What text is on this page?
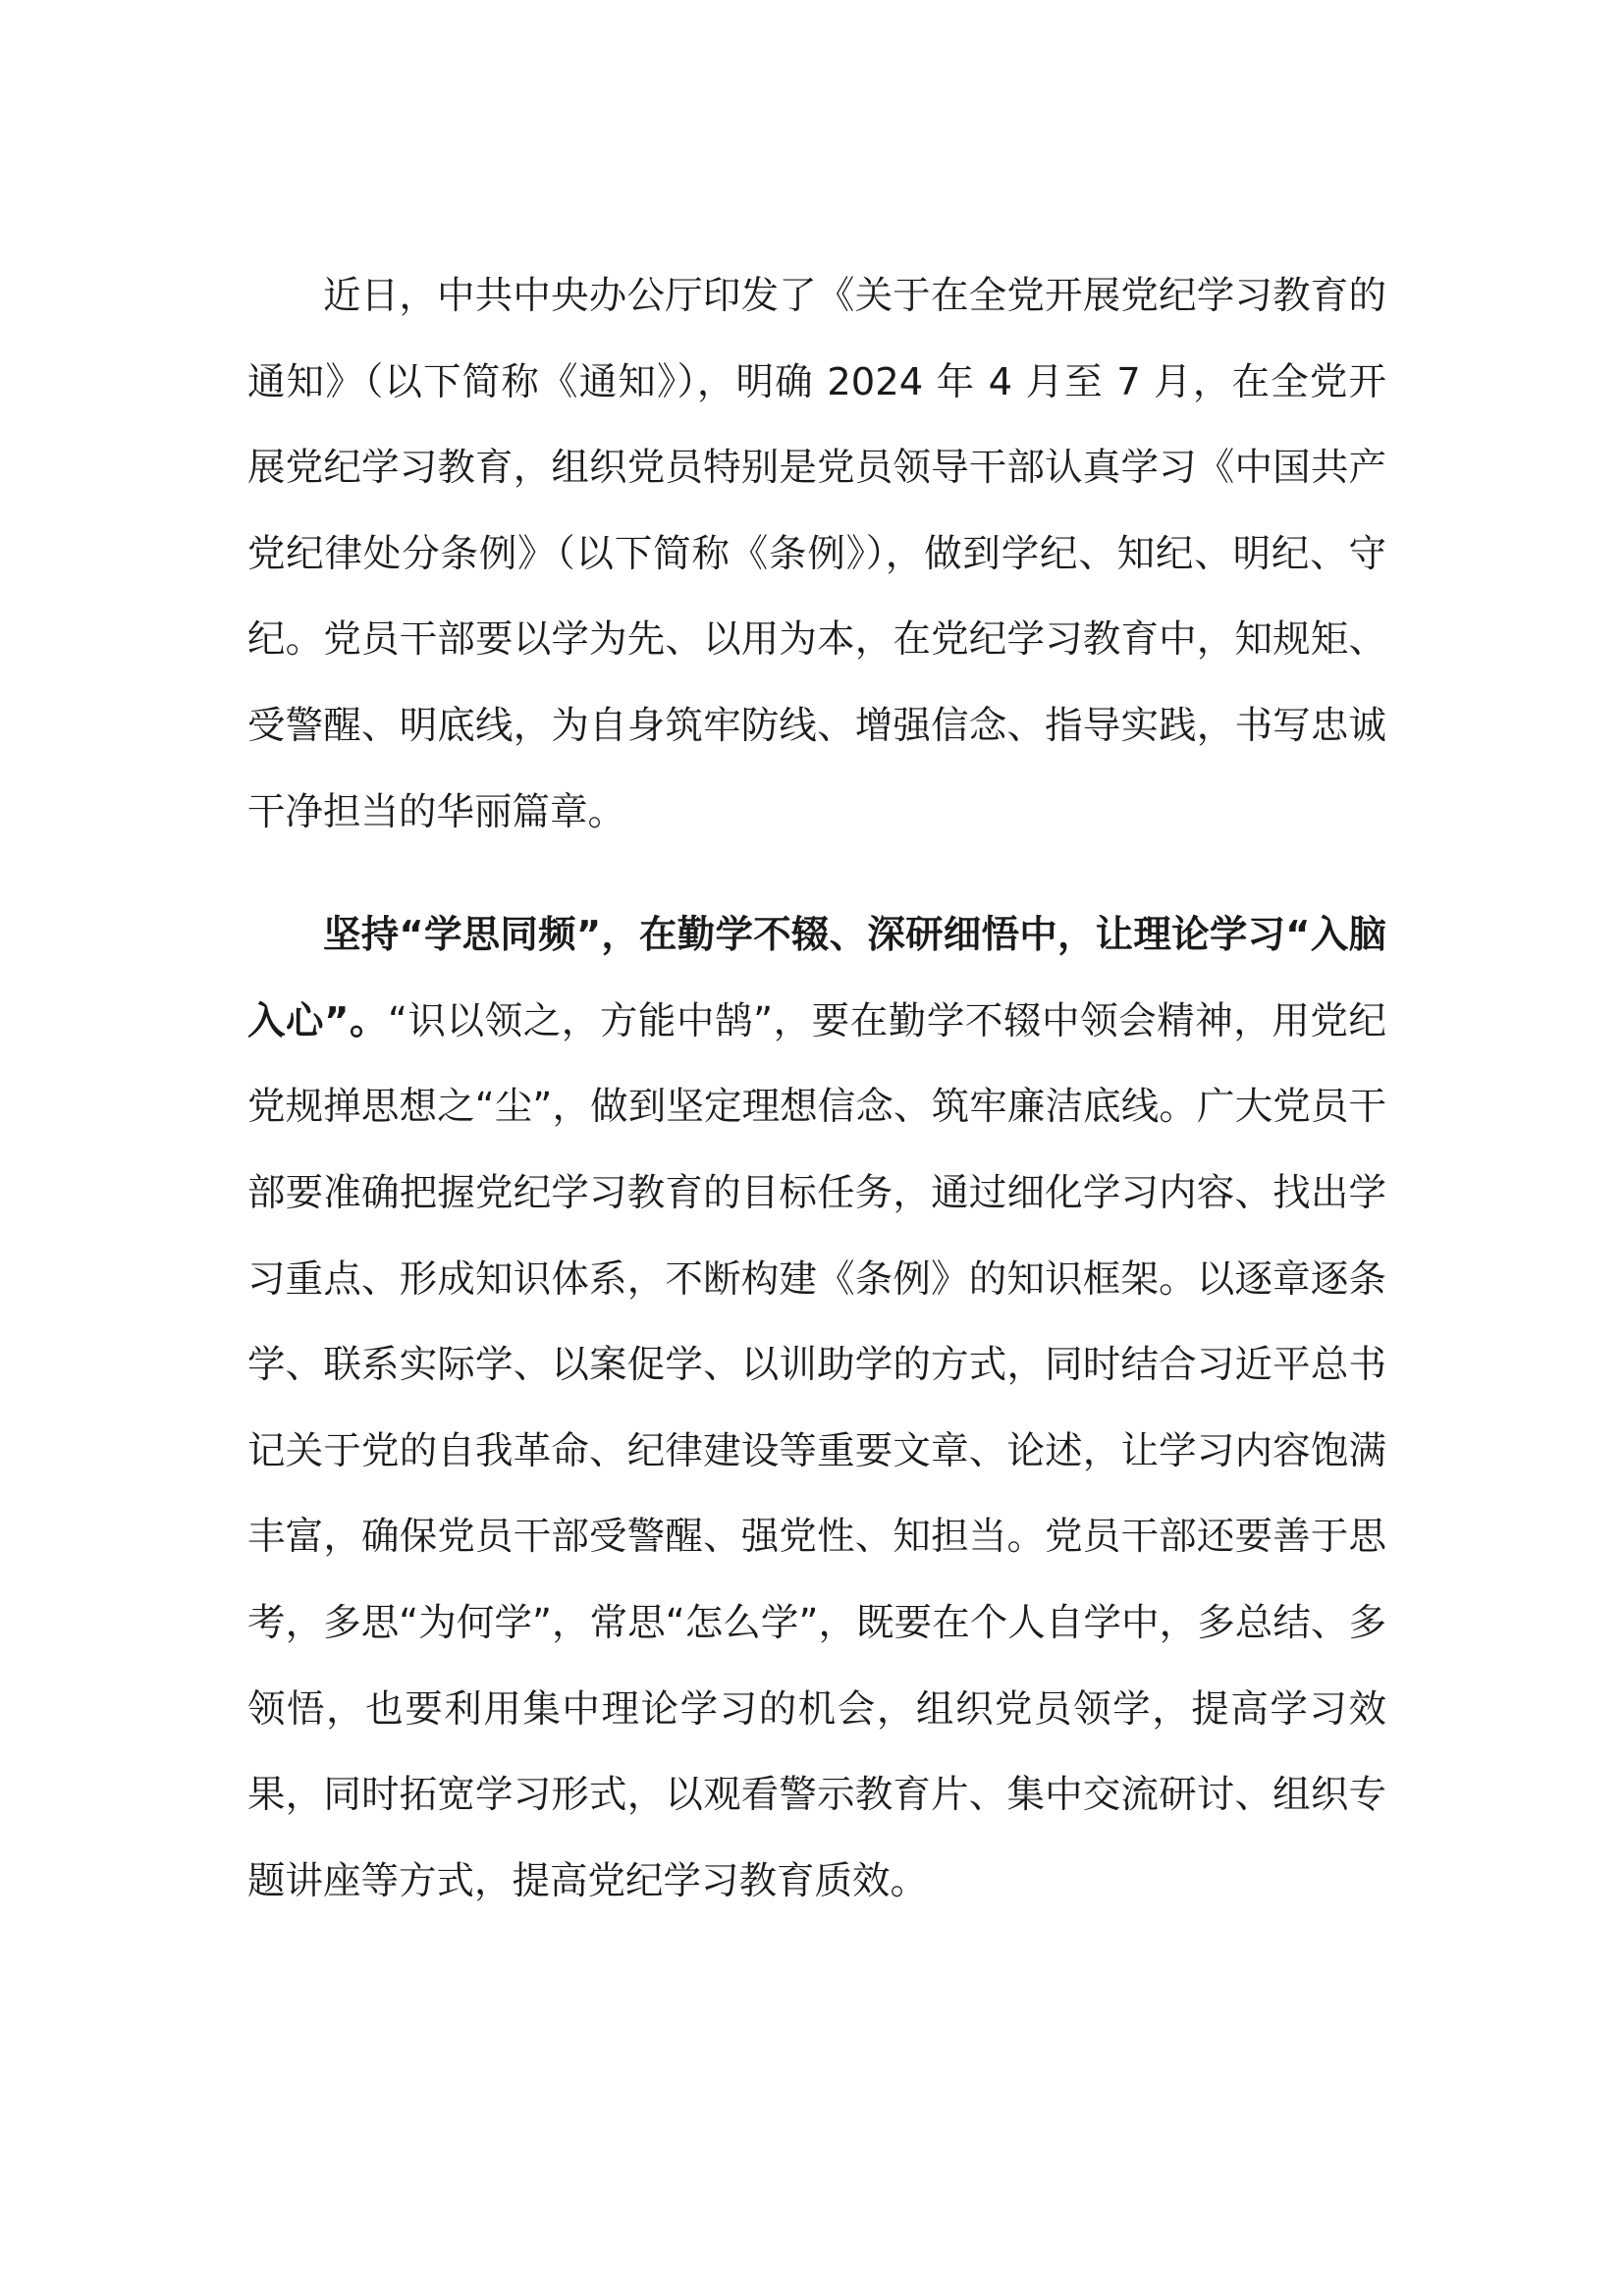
近日，中共中央办公厅印发了《关于在全党开展党纪学习教育的通知》（以下简称《通知》），明确 2024 年 4 月至 7 月，在全党开展党纪学习教育，组织党员特别是党员领导干部认真学习《中国共产党纪律处分条例》（以下简称《条例》），做到学纪、知纪、明纪、守纪。党员干部要以学为先、以用为本，在党纪学习教育中，知规矩、受警醒、明底线，为自身筑牢防线、增强信念、指导实践，书写忠诚干净担当的华丽篇章。

坚持“学思同频”，在勤学不辍、深研细悟中，让理论学习“入脑入心”。“识以领之，方能中鹄”，要在勤学不辍中领会精神，用党纪党规掸思想之“尘”，做到坚定理想信念、筑牢廉洁底线。广大党员干部要准确把握党纪学习教育的目标任务，通过细化学习内容、找出学习重点、形成知识体系，不断构建《条例》的知识框架。以逐章逐条学、联系实际学、以案促学、以训助学的方式，同时结合习近平总书记关于党的自我革命、纪律建设等重要文章、论述，让学习内容饱满丰富，确保党员干部受警醒、强党性、知担当。党员干部还要善于思考，多思“为何学”，常思“怎么学”，既要在个人自学中，多总结、多领悟，也要利用集中理论学习的机会，组织党员领学，提高学习效果，同时拓宽学习形式，以观看警示教育片、集中交流研讨、组织专题讲座等方式，提高党纪学习教育质效。
